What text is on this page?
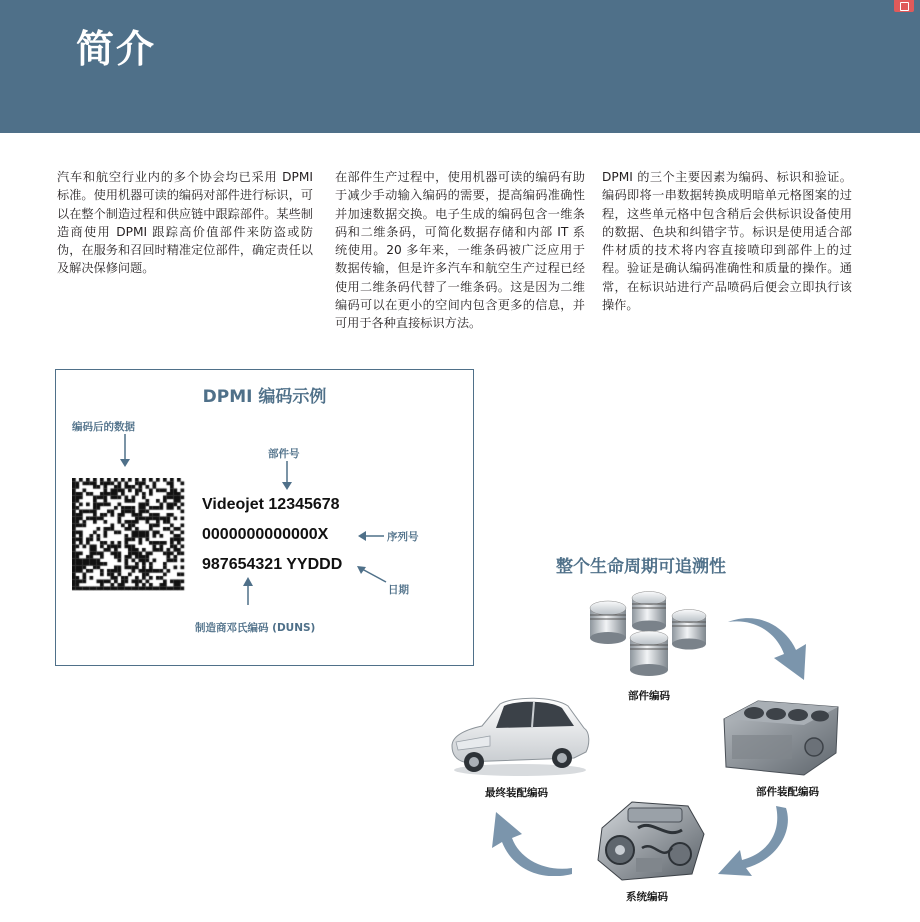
简介
汽车和航空行业内的多个协会均已采用 DPMI 标准。使用机器可读的编码对部件进行标识，可以在整个制造过程和供应链中跟踪部件。某些制造商使用 DPMI 跟踪高价值部件来防盗或防伪，在服务和召回时精准定位部件，确定责任以及解决保修问题。
在部件生产过程中，使用机器可读的编码有助于减少手动输入编码的需要，提高编码准确性并加速数据交换。电子生成的编码包含一维条码和二维条码，可简化数据存储和内部 IT 系统使用。20 多年来，一维条码被广泛应用于数据传输，但是许多汽车和航空生产过程已经使用二维条码代替了一维条码。这是因为二维编码可以在更小的空间内包含更多的信息，并可用于各种直接标识方法。
DPMI 的三个主要因素为编码、标识和验证。编码即将一串数据转换成明暗单元格图案的过程，这些单元格中包含稍后会供标识设备使用的数据、色块和纠错字节。标识是使用适合部件材质的技术将内容直接喷印到部件上的过程。验证是确认编码准确性和质量的操作。通常，在标识站进行产品喷码后便会立即执行该操作。
DPMI 编码示例
编码后的数据
部件号
Videojet 12345678
0000000000000X
987654321 YYDDD
序列号
日期
制造商邓氏编码 (DUNS)
整个生命周期可追溯性
部件编码
部件装配编码
系统编码
最终装配编码
